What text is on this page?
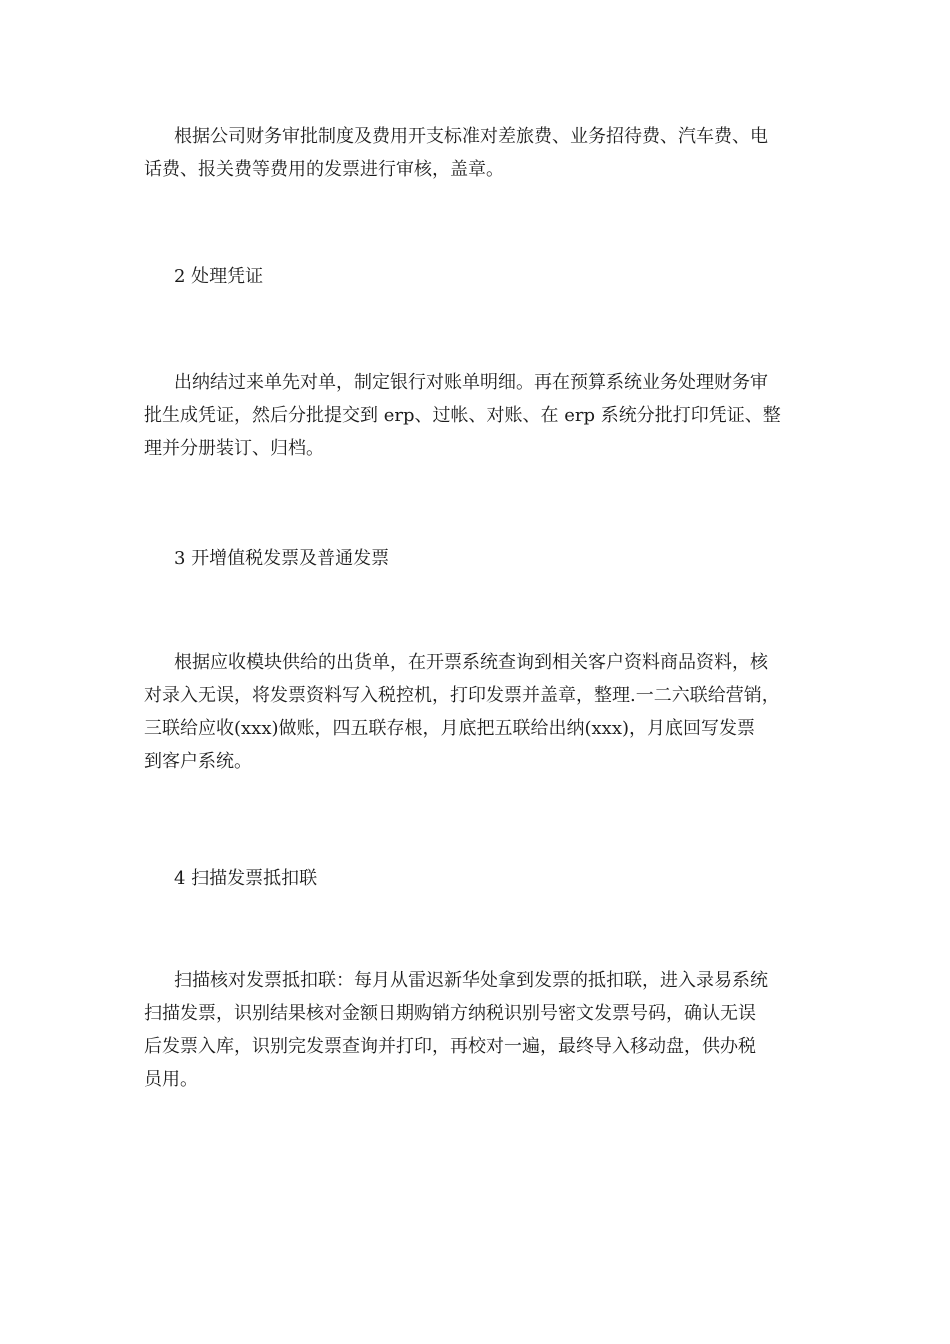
根据公司财务审批制度及费用开支标准对差旅费、业务招待费、汽车费、电
话费、报关费等费用的发票进行审核，盖章。

2 处理凭证

出纳结过来单先对单，制定银行对账单明细。再在预算系统业务处理财务审
批生成凭证，然后分批提交到 erp、过帐、对账、在 erp 系统分批打印凭证、整
理并分册装订、归档。

3 开增值税发票及普通发票

根据应收模块供给的出货单，在开票系统查询到相关客户资料商品资料，核
对录入无误，将发票资料写入税控机，打印发票并盖章，整理.一二六联给营销，
三联给应收(xxx)做账，四五联存根，月底把五联给出纳(xxx)，月底回写发票
到客户系统。

4 扫描发票抵扣联

扫描核对发票抵扣联：每月从雷迟新华处拿到发票的抵扣联，进入录易系统
扫描发票，识别结果核对金额日期购销方纳税识别号密文发票号码，确认无误
后发票入库，识别完发票查询并打印，再校对一遍，最终导入移动盘，供办税
员用。
